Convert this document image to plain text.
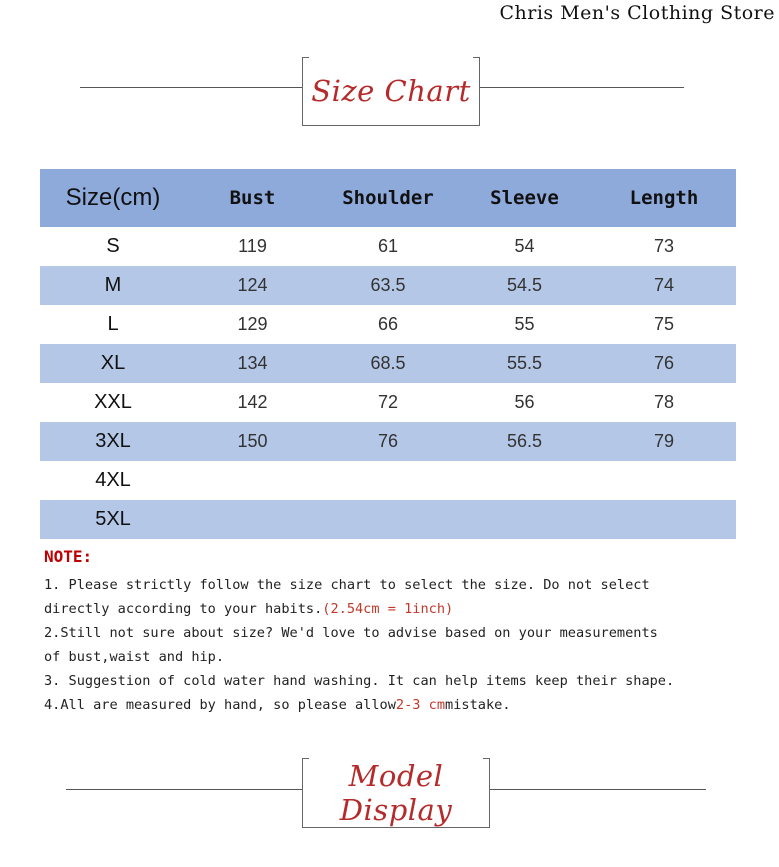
Chris Men's Clothing Store
Size Chart
Size(cm)	Bust	Shoulder	Sleeve	Length
S	119	61	54	73
M	124	63.5	54.5	74
L	129	66	55	75
XL	134	68.5	55.5	76
XXL	142	72	56	78
3XL	150	76	56.5	79
4XL				
5XL				
NOTE:

1. Please strictly follow the size chart to select the size. Do not select

directly according to your habits.(2.54cm = 1inch)

2.Still not sure about size? We'd love to advise based on your measurements

of bust,waist and hip.

3. Suggestion of cold water hand washing. It can help items keep their shape.

4.All are measured by hand, so please allow2-3 cmmistake.

Model Display
